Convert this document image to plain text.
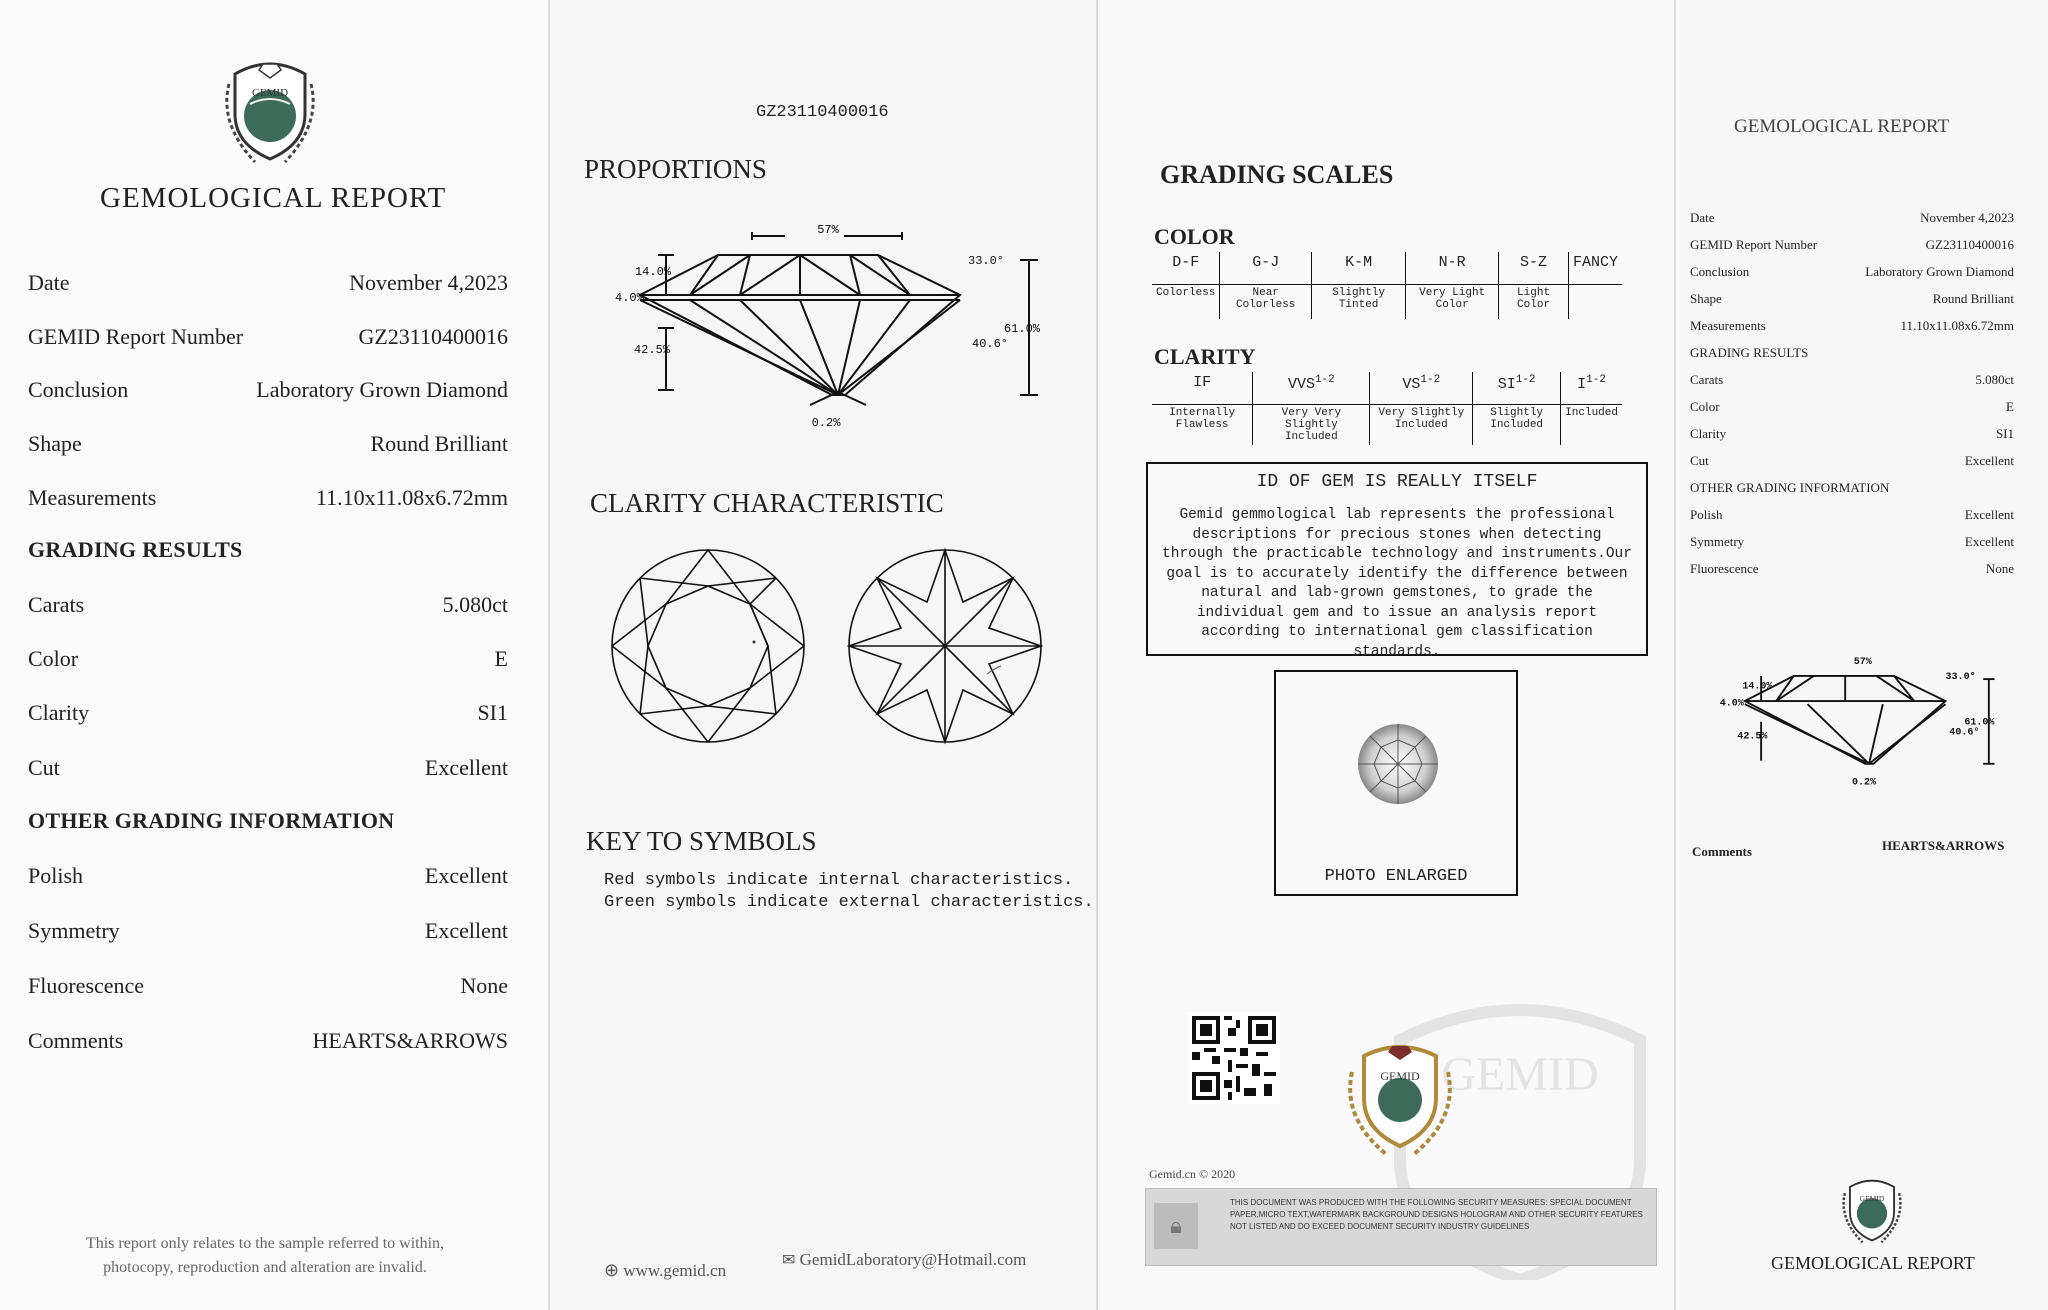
GEMID
GEMOLOGICAL REPORT
Date	November 4,2023
GEMID Report Number	GZ23110400016
Conclusion	Laboratory Grown Diamond
Shape	Round Brilliant
Measurements	11.10x11.08x6.72mm
GRADING RESULTS
Carats	5.080ct
Color	E
Clarity	SI1
Cut	Excellent
OTHER GRADING INFORMATION
Polish	Excellent
Symmetry	Excellent
Fluorescence	None
Comments	HEARTS&ARROWS
This report only relates to the sample referred to within,
photocopy, reproduction and alteration are invalid.
GZ23110400016
PROPORTIONS
57%
14.0%
4.0%
42.5%
33.0°
40.6°
61.0%
0.2%
CLARITY CHARACTERISTIC
KEY TO SYMBOLS
Red symbols indicate internal characteristics.
Green symbols indicate external characteristics.
⊕ www.gemid.cn
✉ GemidLaboratory@Hotmail.com
GRADING SCALES
COLOR
D-F	G-J	K-M	N-R	S-Z	FANCY
Colorless	Near Colorless	Slightly Tinted	Very Light Color	Light Color	
CLARITY
IF	VVS$^{1-2}$	VS$^{1-2}$	SI$^{1-2}$	$I^{1-2}$
Internally Flawless	Very Very Slightly Included	Very Slightly Included	Slightly Included	Included
ID OF GEM IS REALLY ITSELF
Gemid gemmological lab represents the professional descriptions for precious stones when detecting through the practicable technology and instruments.Our goal is to accurately identify the difference between natural and lab-grown gemstones, to grade the individual gem and to issue an analysis report according to international gem classification standards.
PHOTO ENLARGED
GEMID
GEMID
Gemid.cn © 2020
🔒︎
THIS DOCUMENT WAS PRODUCED WITH THE FOLLOWING SECURITY MEASURES: SPECIAL DOCUMENT PAPER,MICRO TEXT,WATERMARK BACKGROUND DESIGNS HOLOGRAM AND OTHER SECURITY FEATURES NOT LISTED AND DO EXCEED DOCUMENT SECURITY INDUSTRY GUIDELINES
GEMOLOGICAL REPORT
Date	November 4,2023
GEMID Report Number	GZ23110400016
Conclusion	Laboratory Grown Diamond
Shape	Round Brilliant
Measurements	11.10x11.08x6.72mm
GRADING RESULTS
Carats	5.080ct
Color	E
Clarity	SI1
Cut	Excellent
OTHER GRADING INFORMATION
Polish	Excellent
Symmetry	Excellent
Fluorescence	None
57%
14.0%
4.0%
42.5%
33.0°
40.6°
61.0%
0.2%
Comments	HEARTS&ARROWS
GEMID
GEMOLOGICAL REPORT
